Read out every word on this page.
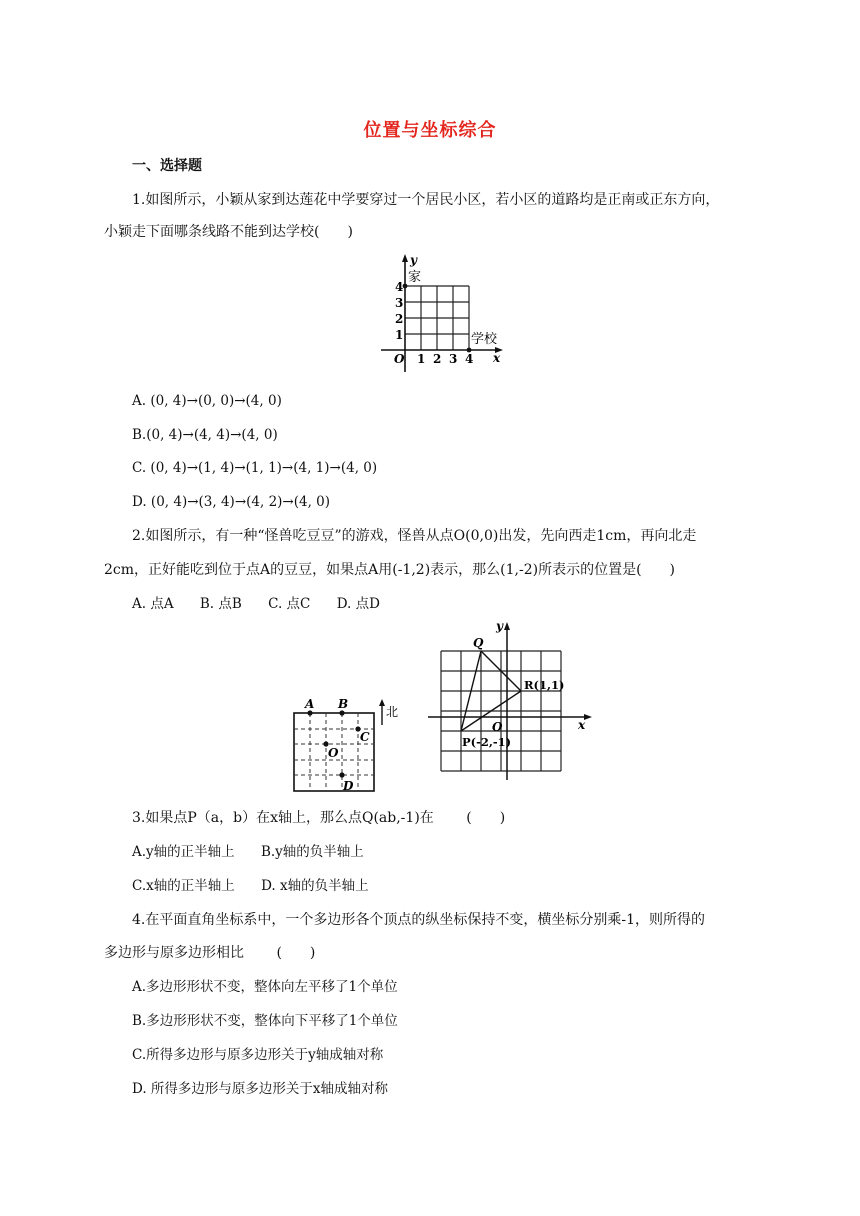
位置与坐标综合
一、选择题
1.如图所示，小颖从家到达莲花中学要穿过一个居民小区，若小区的道路均是正南或正东方向，
小颖走下面哪条线路不能到达学校(　　)
y
家
学校
x
O
4
3
2
1
1 2 3 4
A. (0, 4)→(0, 0)→(4, 0)
B.(0, 4)→(4, 4)→(4, 0)
C. (0, 4)→(1, 4)→(1, 1)→(4, 1)→(4, 0)
D. (0, 4)→(3, 4)→(4, 2)→(4, 0)
2.如图所示，有一种“怪兽吃豆豆”的游戏，怪兽从点O(0,0)出发，先向西走1cm，再向北走
2cm，正好能吃到位于点A的豆豆，如果点A用(-1,2)表示，那么(1,-2)所表示的位置是(　　)
A. 点A B. 点B C. 点C D. 点D
A B
C
O
D
北
y
x
Q
R(1,1)
O
P(-2,-1)
3.如果点P（a，b）在x轴上，那么点Q(ab,-1)在　　 (　　)
A.y轴的正半轴上 B.y轴的负半轴上
C.x轴的正半轴上 D. x轴的负半轴上
4.在平面直角坐标系中，一个多边形各个顶点的纵坐标保持不变，横坐标分别乘-1，则所得的
多边形与原多边形相比　　 (　　)
A.多边形形状不变，整体向左平移了1个单位
B.多边形形状不变，整体向下平移了1个单位
C.所得多边形与原多边形关于y轴成轴对称
D. 所得多边形与原多边形关于x轴成轴对称
